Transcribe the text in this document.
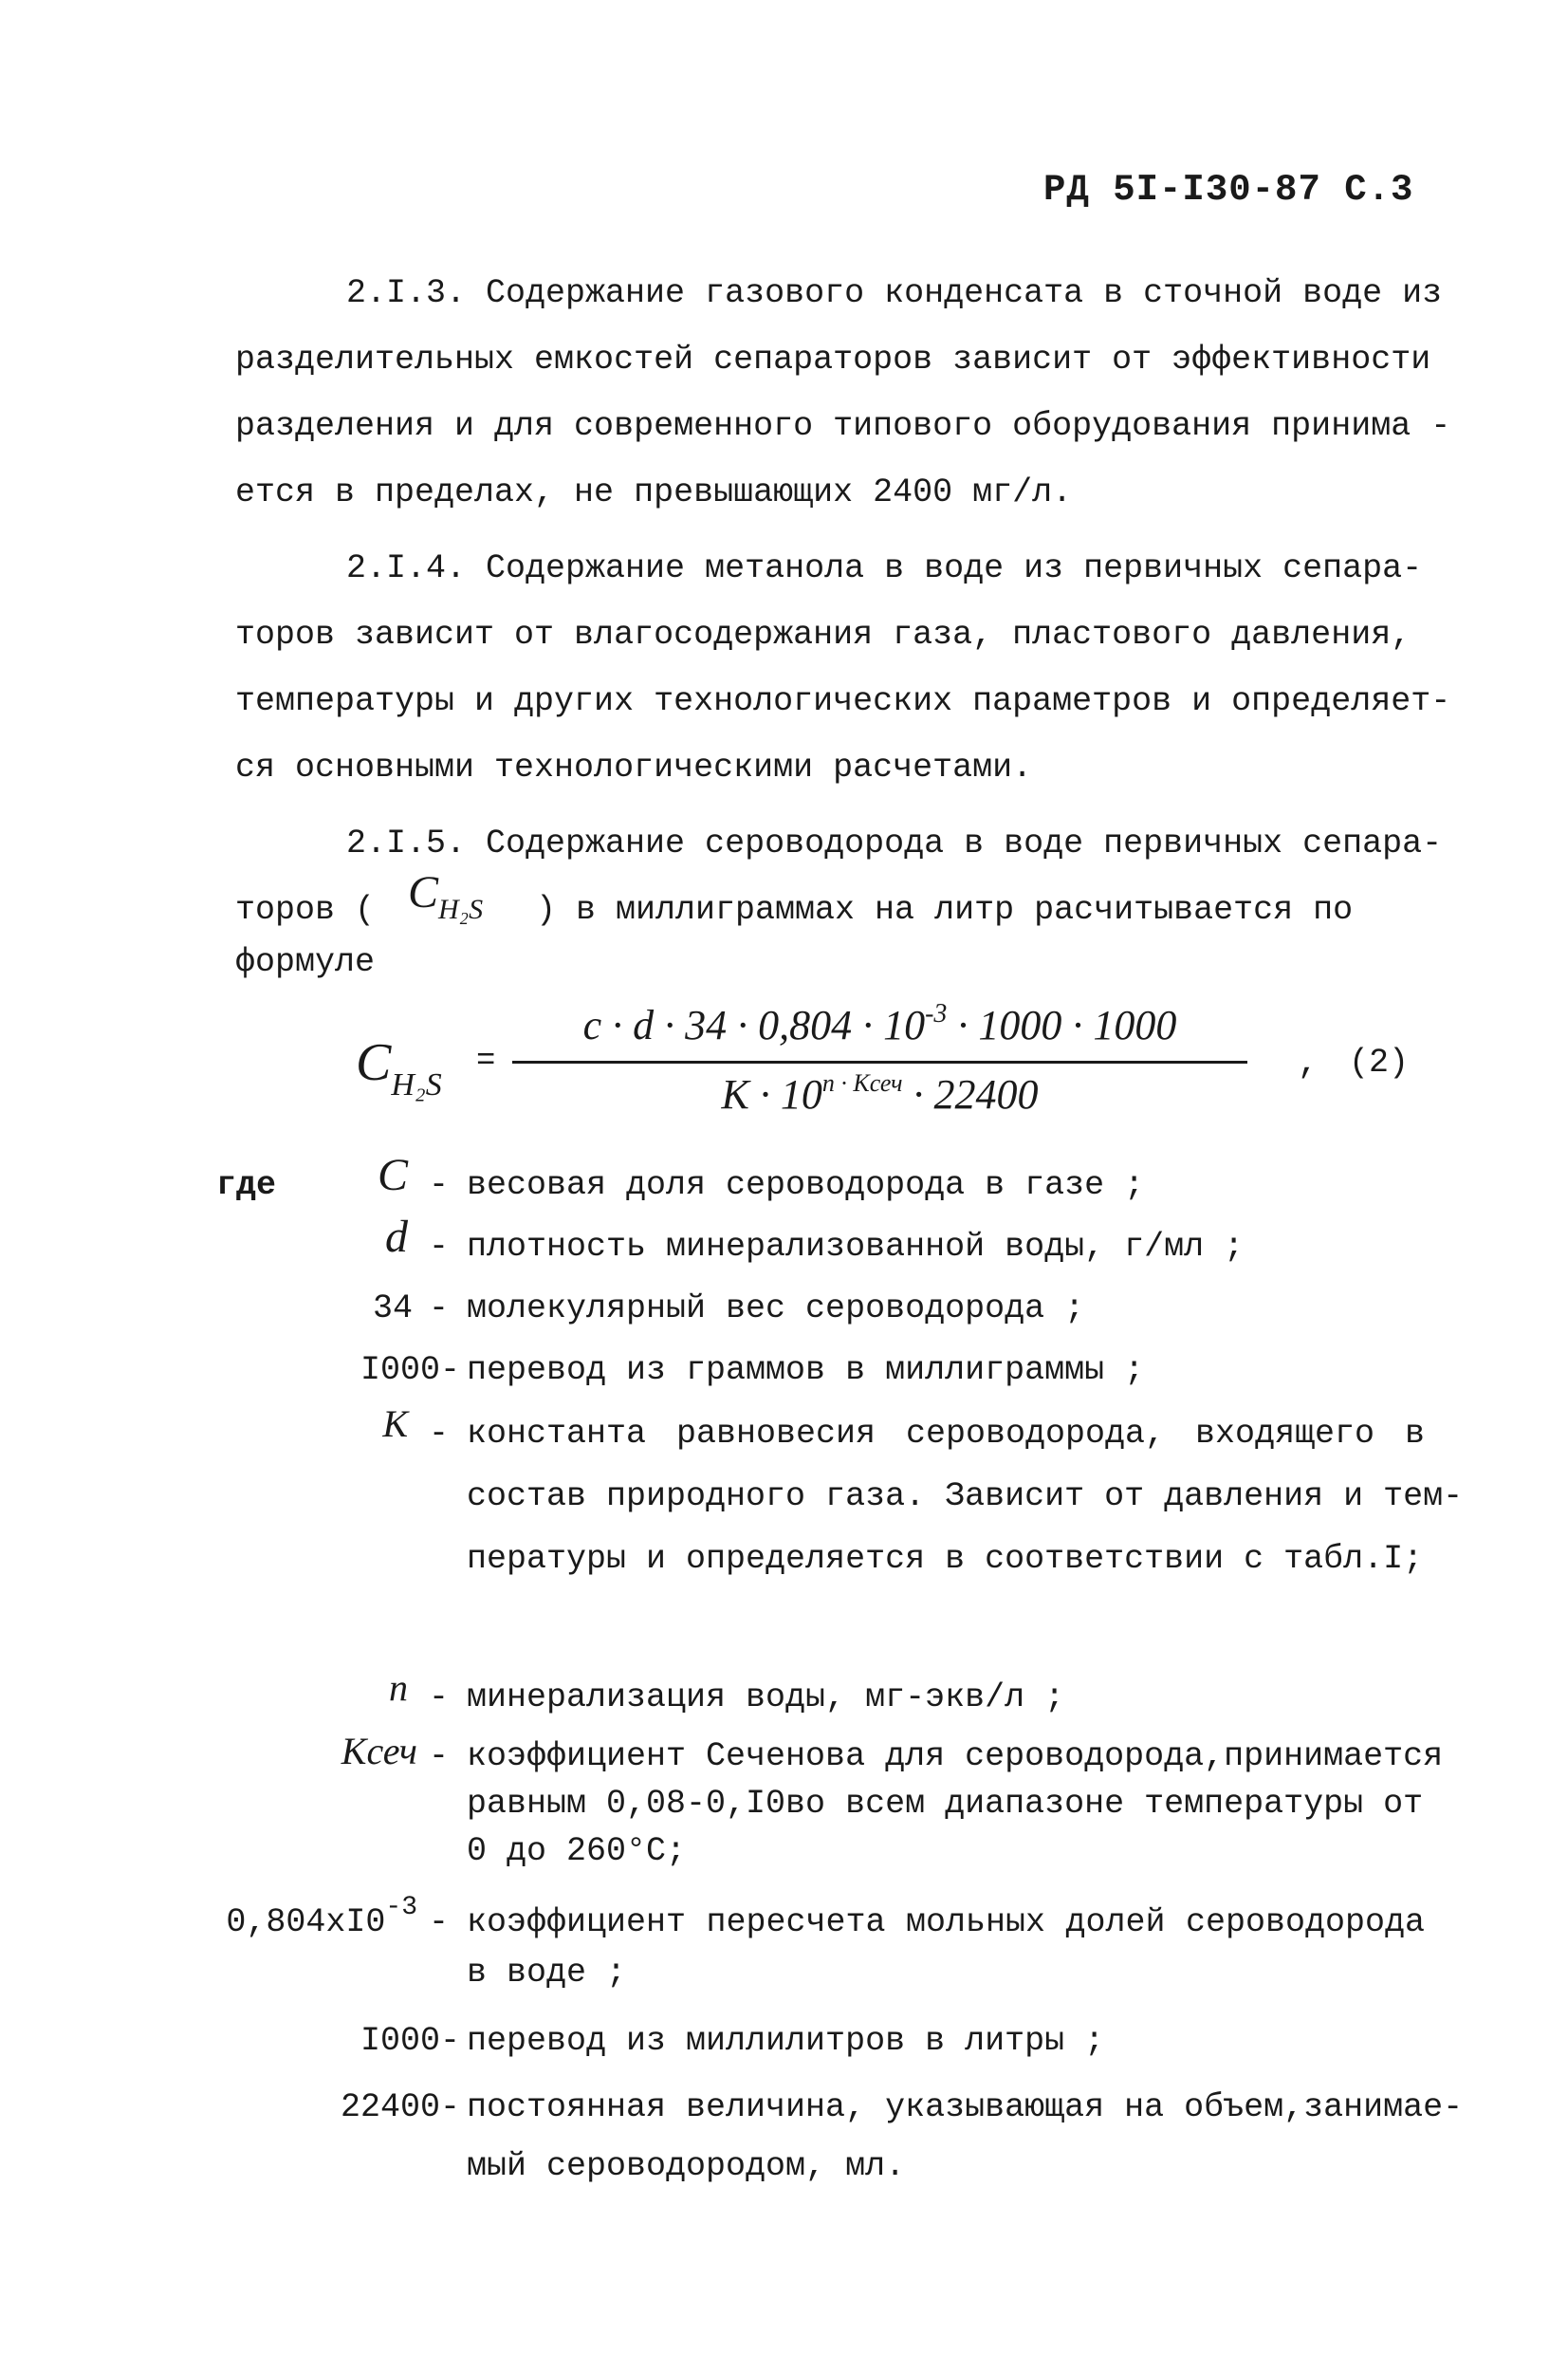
РД 5I-I30-87 С.3
2.I.3. Содержание газового конденсата в сточной воде из
разделительных емкостей сепараторов зависит от эффективности
разделения и для современного типового оборудования принима -
ется в пределах, не превышающих 2400 мг/л.
2.I.4. Содержание метанола в воде из первичных сепара-
торов зависит от влагосодержания газа, пластового давления,
температуры и других технологических параметров и определяет-
ся основными технологическими расчетами.
2.I.5. Содержание сероводорода в воде первичных сепара-
торов ( CH₂S ) в миллиграммах на литр расчитывается по
формуле
CH₂S
=
c · d · 34 · 0,804 · 10-3 · 1000 · 1000
K · 10n · Kсеч · 22400
, (2)
где	C - весовая доля сероводорода в газе ;
d - плотность минерализованной воды, г/мл ;
34 - молекулярный вес сероводорода ;
I000- перевод из граммов в миллиграммы ;
K - константа равновесия сероводорода, входящего в
состав природного газа. Зависит от давления и тем-
пературы и определяется в соответствии с табл.I;
n - минерализация воды, мг-экв/л ;
Kсеч - коэффициент Сеченова для сероводорода,принимается
равным 0,08-0,I0во всем диапазоне температуры от
0 до 260°С;
$0,804xI0^{-3}$ - коэффициент пересчета мольных долей сероводорода
в воде ;
I000- перевод из миллилитров в литры ;
22400- постоянная величина, указывающая на объем,занимае-
мый сероводородом, мл.
